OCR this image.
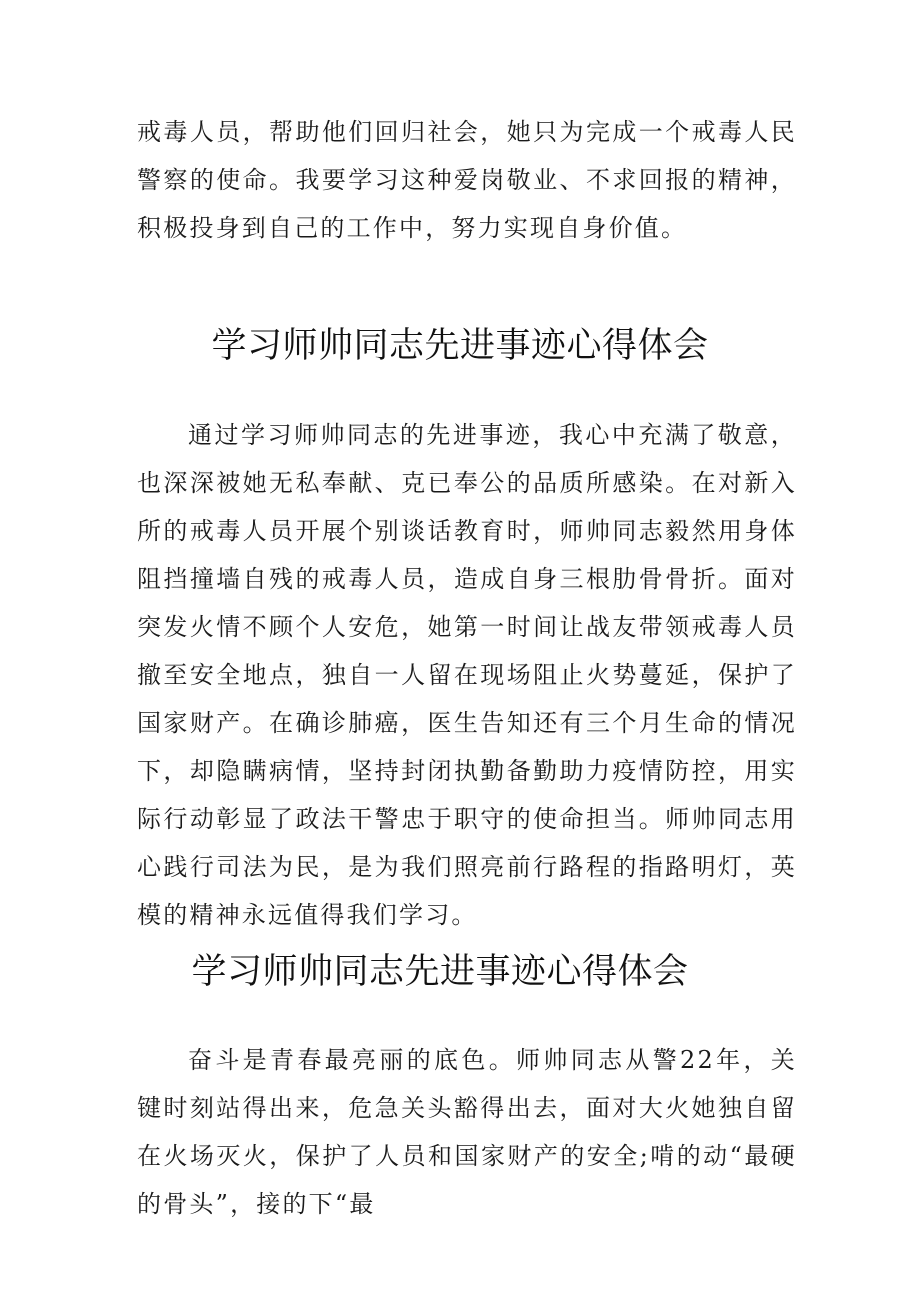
戒毒人员，帮助他们回归社会，她只为完成一个戒毒人民警察的使命。我要学习这种爱岗敬业、不求回报的精神，积极投身到自己的工作中，努力实现自身价值。

学习师帅同志先进事迹心得体会

通过学习师帅同志的先进事迹，我心中充满了敬意，也深深被她无私奉献、克已奉公的品质所感染。在对新入所的戒毒人员开展个别谈话教育时，师帅同志毅然用身体阻挡撞墙自残的戒毒人员，造成自身三根肋骨骨折。面对突发火情不顾个人安危，她第一时间让战友带领戒毒人员撤至安全地点，独自一人留在现场阻止火势蔓延，保护了国家财产。在确诊肺癌，医生告知还有三个月生命的情况下，却隐瞒病情，坚持封闭执勤备勤助力疫情防控，用实际行动彰显了政法干警忠于职守的使命担当。师帅同志用心践行司法为民，是为我们照亮前行路程的指路明灯，英模的精神永远值得我们学习。

学习师帅同志先进事迹心得体会

奋斗是青春最亮丽的底色。师帅同志从警22年，关键时刻站得出来，危急关头豁得出去，面对大火她独自留在火场灭火，保护了人员和国家财产的安全;啃的动“最硬的骨头”，接的下“最
